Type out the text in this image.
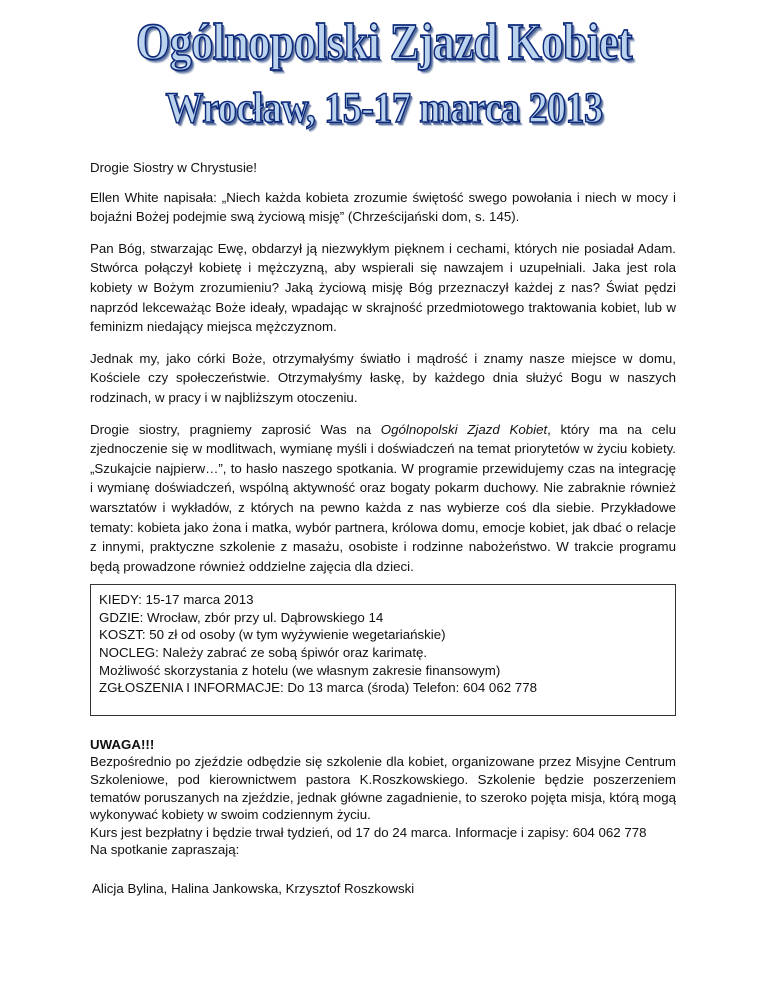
Ogólnopolski Zjazd Kobiet
Wrocław, 15-17 marca 2013

Drogie Siostry w Chrystusie!

Ellen White napisała: „Niech każda kobieta zrozumie świętość swego powołania i niech w mocy i bojaźni Bożej podejmie swą życiową misję” (Chrześcijański dom, s. 145).

Pan Bóg, stwarzając Ewę, obdarzył ją niezwykłym pięknem i cechami, których nie posiadał Adam. Stwórca połączył kobietę i mężczyzną, aby wspierali się nawzajem i uzupełniali. Jaka jest rola kobiety w Bożym zrozumieniu? Jaką życiową misję Bóg przeznaczył każdej z nas? Świat pędzi naprzód lekceważąc Boże ideały, wpadając w skrajność przedmiotowego traktowania kobiet, lub w feminizm niedający miejsca mężczyznom.

Jednak my, jako córki Boże, otrzymałyśmy światło i mądrość i znamy nasze miejsce w domu, Kościele czy społeczeństwie. Otrzymałyśmy łaskę, by każdego dnia służyć Bogu w naszych rodzinach, w pracy i w najbliższym otoczeniu.

Drogie siostry, pragniemy zaprosić Was na Ogólnopolski Zjazd Kobiet, który ma na celu zjednoczenie się w modlitwach, wymianę myśli i doświadczeń na temat priorytetów w życiu kobiety. „Szukajcie najpierw…”, to hasło naszego spotkania. W programie przewidujemy czas na integrację i wymianę doświadczeń, wspólną aktywność oraz bogaty pokarm duchowy. Nie zabraknie również warsztatów i wykładów, z których na pewno każda z nas wybierze coś dla siebie. Przykładowe tematy: kobieta jako żona i matka, wybór partnera, królowa domu, emocje kobiet, jak dbać o relacje z innymi, praktyczne szkolenie z masażu, osobiste i rodzinne nabożeństwo. W trakcie programu będą prowadzone również oddzielne zajęcia dla dzieci.

KIEDY: 15-17 marca 2013
GDZIE: Wrocław, zbór przy ul. Dąbrowskiego 14
KOSZT: 50 zł od osoby (w tym wyżywienie wegetariańskie)
NOCLEG: Należy zabrać ze sobą śpiwór oraz karimatę.
Możliwość skorzystania z hotelu (we własnym zakresie finansowym)
ZGŁOSZENIA I INFORMACJE: Do 13 marca (środa) Telefon: 604 062 778
UWAGA!!!
Bezpośrednio po zjeździe odbędzie się szkolenie dla kobiet, organizowane przez Misyjne Centrum Szkoleniowe, pod kierownictwem pastora K.Roszkowskiego. Szkolenie będzie poszerzeniem tematów poruszanych na zjeździe, jednak główne zagadnienie, to szeroko pojęta misja, którą mogą wykonywać kobiety w swoim codziennym życiu.
Kurs jest bezpłatny i będzie trwał tydzień, od 17 do 24 marca. Informacje i zapisy: 604 062 778
Na spotkanie zapraszają:
Alicja Bylina, Halina Jankowska, Krzysztof Roszkowski
